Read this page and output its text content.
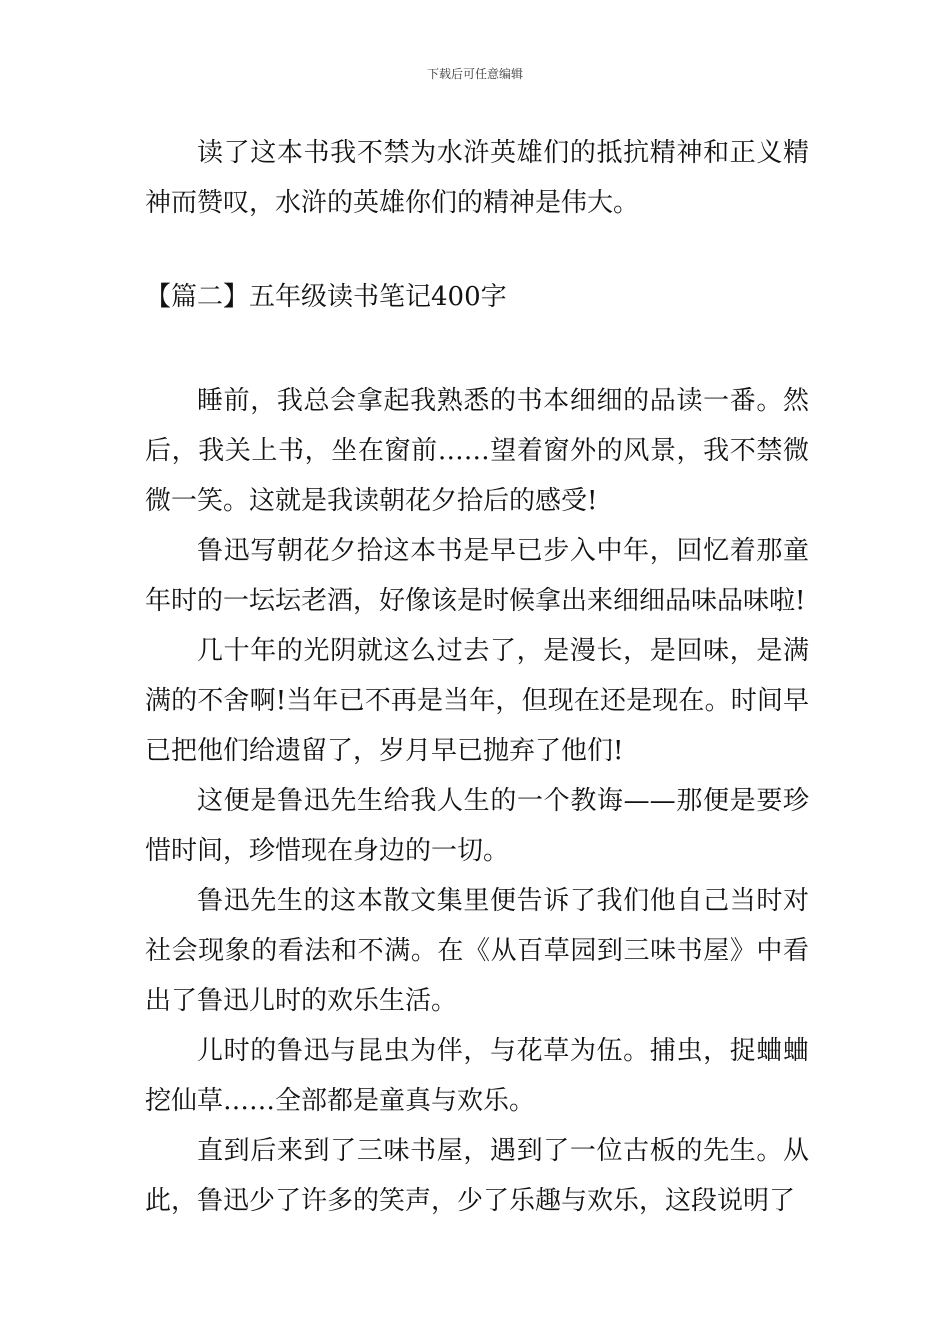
下载后可任意编辑

读了这本书我不禁为水浒英雄们的抵抗精神和正义精神而赞叹，水浒的英雄你们的精神是伟大。

【篇二】五年级读书笔记400字

睡前，我总会拿起我熟悉的书本细细的品读一番。然后，我关上书，坐在窗前……望着窗外的风景，我不禁微微一笑。这就是我读朝花夕拾后的感受!

鲁迅写朝花夕拾这本书是早已步入中年，回忆着那童年时的一坛坛老酒，好像该是时候拿出来细细品味品味啦!

几十年的光阴就这么过去了，是漫长，是回味，是满满的不舍啊!当年已不再是当年，但现在还是现在。时间早已把他们给遗留了，岁月早已抛弃了他们!

这便是鲁迅先生给我人生的一个教诲——那便是要珍惜时间，珍惜现在身边的一切。

鲁迅先生的这本散文集里便告诉了我们他自己当时对社会现象的看法和不满。在《从百草园到三味书屋》中看出了鲁迅儿时的欢乐生活。

儿时的鲁迅与昆虫为伴，与花草为伍。捕虫，捉蛐蛐挖仙草……全部都是童真与欢乐。

直到后来到了三味书屋，遇到了一位古板的先生。从此，鲁迅少了许多的笑声，少了乐趣与欢乐，这段说明了
